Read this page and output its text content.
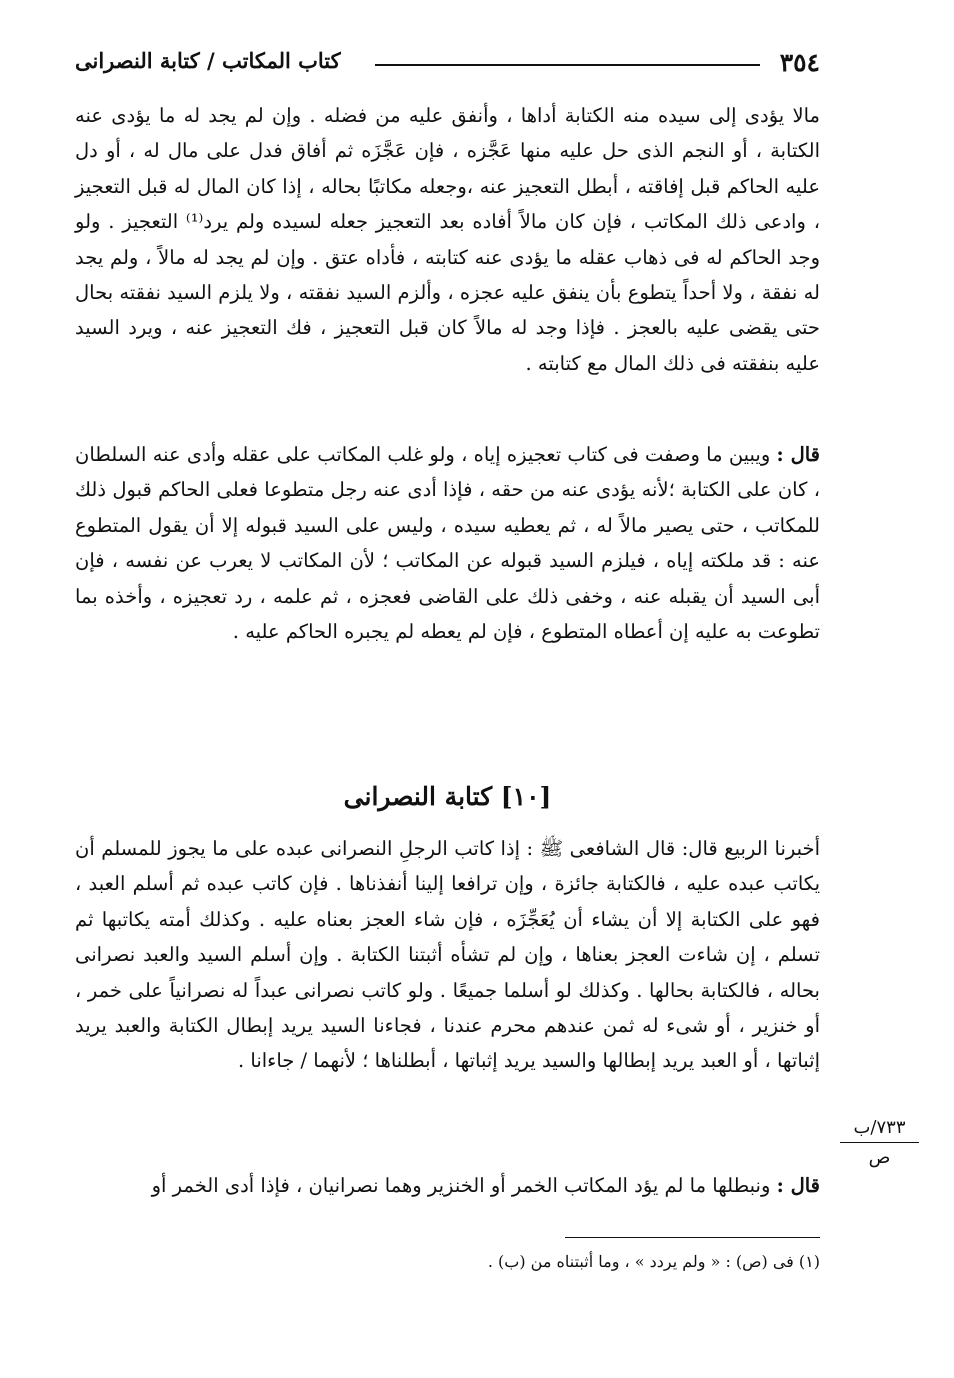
٣٥٤
كتاب المكاتب / كتابة النصرانى

مالا يؤدى إلى سيده منه الكتابة أداها ، وأنفق عليه من فضله . وإن لم يجد له ما يؤدى عنه الكتابة ، أو النجم الذى حل عليه منها عَجَّزه ، فإن عَجَّزَه ثم أفاق فدل على مال له ، أو دل عليه الحاكم قبل إفاقته ، أبطل التعجيز عنه ،وجعله مكاتبًا بحاله ، إذا كان المال له قبل التعجيز ، وادعى ذلك المكاتب ، فإن كان مالاً أفاده بعد التعجيز جعله لسيده ولم يرد⁽¹⁾ التعجيز . ولو وجد الحاكم له فى ذهاب عقله ما يؤدى عنه كتابته ، فأداه عتق . وإن لم يجد له مالاً ، ولم يجد له نفقة ، ولا أحداً يتطوع بأن ينفق عليه عجزه ، وألزم السيد نفقته ، ولا يلزم السيد نفقته بحال حتى يقضى عليه بالعجز . فإذا وجد له مالاً كان قبل التعجيز ، فك التعجيز عنه ، ويرد السيد عليه بنفقته فى ذلك المال مع كتابته .

قال : ويبين ما وصفت فى كتاب تعجيزه إياه ، ولو غلب المكاتب على عقله وأدى عنه السلطان ، كان على الكتابة ؛لأنه يؤدى عنه من حقه ، فإذا أدى عنه رجل متطوعا فعلى الحاكم قبول ذلك للمكاتب ، حتى يصير مالاً له ، ثم يعطيه سيده ، وليس على السيد قبوله إلا أن يقول المتطوع عنه : قد ملكته إياه ، فيلزم السيد قبوله عن المكاتب ؛ لأن المكاتب لا يعرب عن نفسه ، فإن أبى السيد أن يقبله عنه ، وخفى ذلك على القاضى فعجزه ، ثم علمه ، رد تعجيزه ، وأخذه بما تطوعت به عليه إن أعطاه المتطوع ، فإن لم يعطه لم يجبره الحاكم عليه .

[١٠] كتابة النصرانى

أخبرنا الربيع قال: قال الشافعى ﷺ : إذا كاتب الرجلِ النصرانى عبده على ما يجوز للمسلم أن يكاتب عبده عليه ، فالكتابة جائزة ، وإن ترافعا إلينا أنفذناها . فإن كاتب عبده ثم أسلم العبد ، فهو على الكتابة إلا أن يشاء أن يُعَجِّزَه ، فإن شاء العجز بعناه عليه . وكذلك أمته يكاتبها ثم تسلم ، إن شاءت العجز بعناها ، وإن لم تشأه أثبتنا الكتابة . وإن أسلم السيد والعبد نصرانى بحاله ، فالكتابة بحالها . وكذلك لو أسلما جميعًا . ولو كاتب نصرانى عبداً له نصرانياً على خمر ، أو خنزير ، أو شىء له ثمن عندهم محرم عندنا ، فجاءنا السيد يريد إبطال الكتابة والعبد يريد إثباتها ، أو العبد يريد إبطالها والسيد يريد إثباتها ، أبطلناها ؛ لأنهما / جاءانا .

٧٣٣/ب
ص

قال : ونبطلها ما لم يؤد المكاتب الخمر أو الخنزير وهما نصرانيان ، فإذا أدى الخمر أو

(١) فى (ص) : « ولم يردد » ، وما أثبتناه من (ب) .
